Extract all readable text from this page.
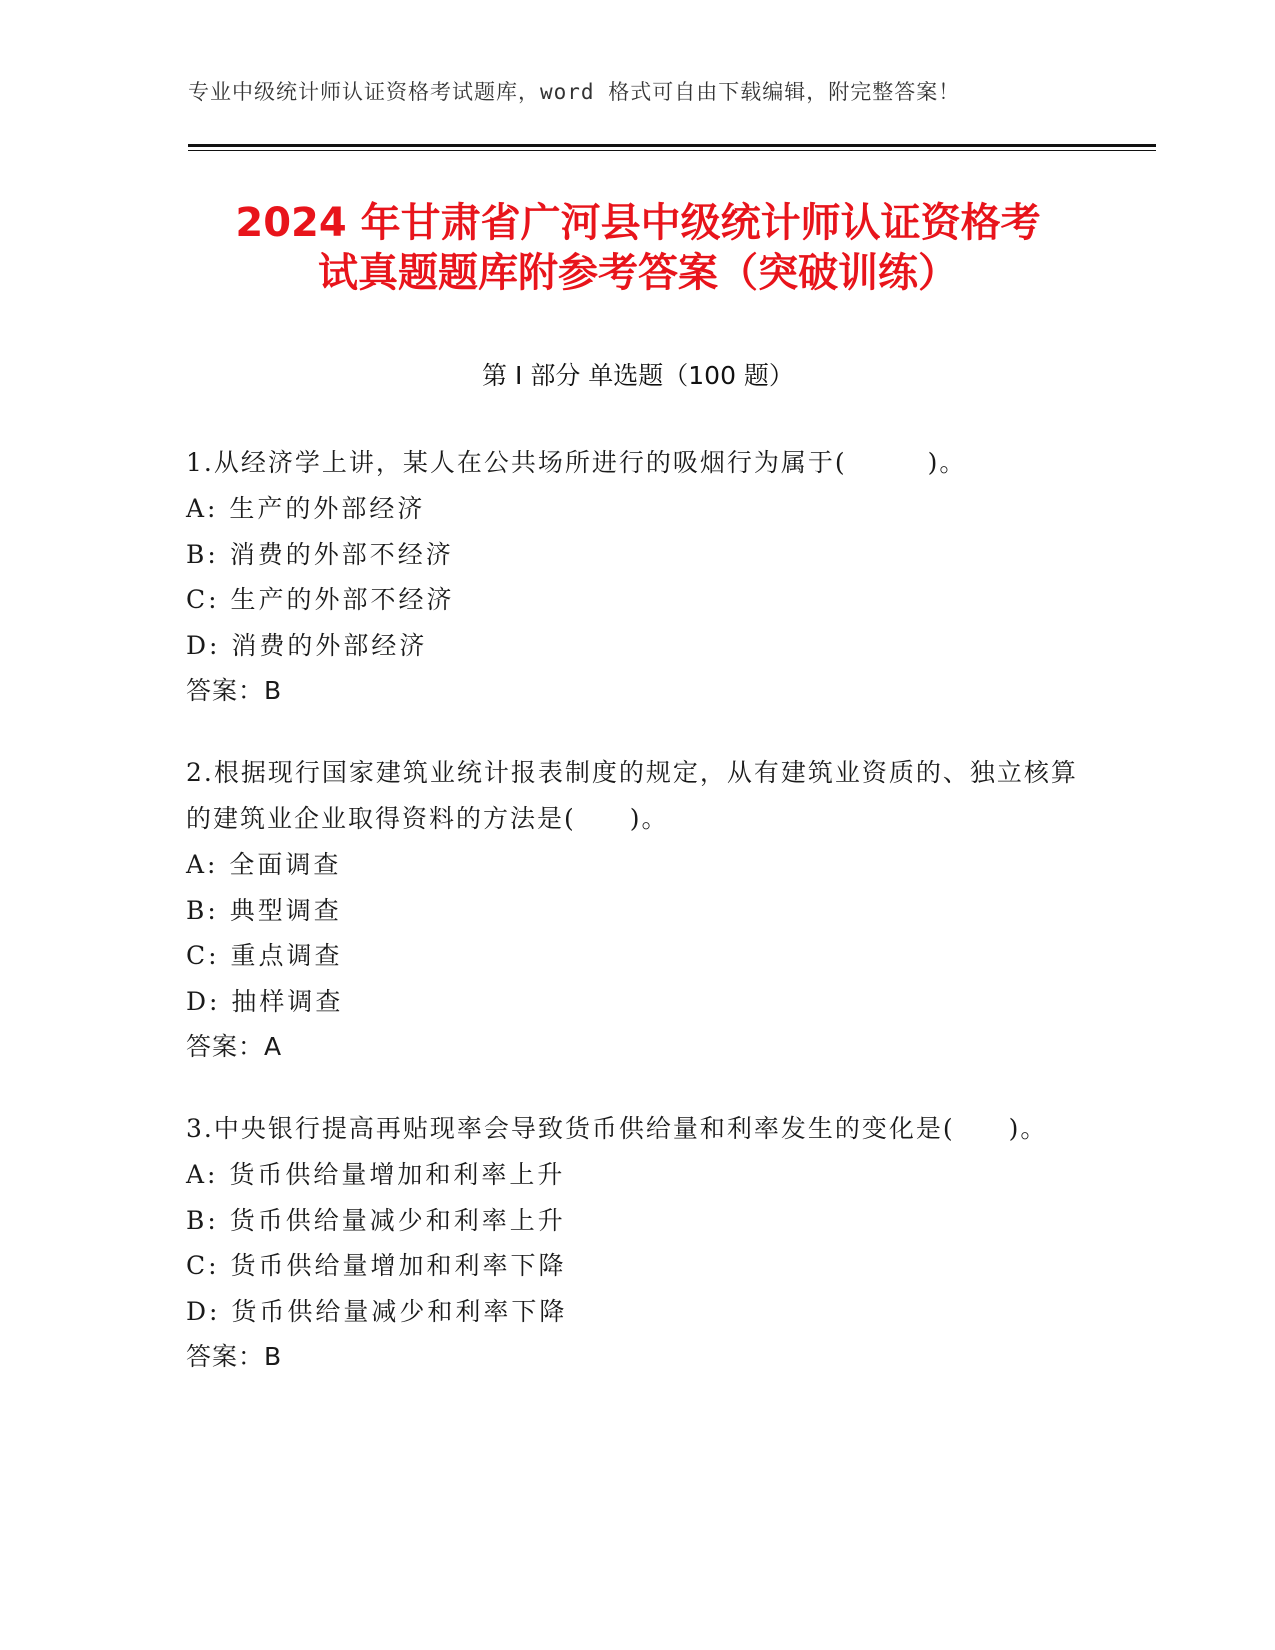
专业中级统计师认证资格考试题库，word 格式可自由下载编辑，附完整答案！
2024 年甘肃省广河县中级统计师认证资格考
试真题题库附参考答案（突破训练）
第 I 部分 单选题（100 题）
1.从经济学上讲，某人在公共场所进行的吸烟行为属于(　　　)。
A: 生产的外部经济
B: 消费的外部不经济
C: 生产的外部不经济
D: 消费的外部经济
答案：B
2.根据现行国家建筑业统计报表制度的规定，从有建筑业资质的、独立核算的建筑业企业取得资料的方法是(　　)。
A: 全面调查
B: 典型调查
C: 重点调查
D: 抽样调查
答案：A
3.中央银行提高再贴现率会导致货币供给量和利率发生的变化是(　　)。
A: 货币供给量增加和利率上升
B: 货币供给量减少和利率上升
C: 货币供给量增加和利率下降
D: 货币供给量减少和利率下降
答案：B
